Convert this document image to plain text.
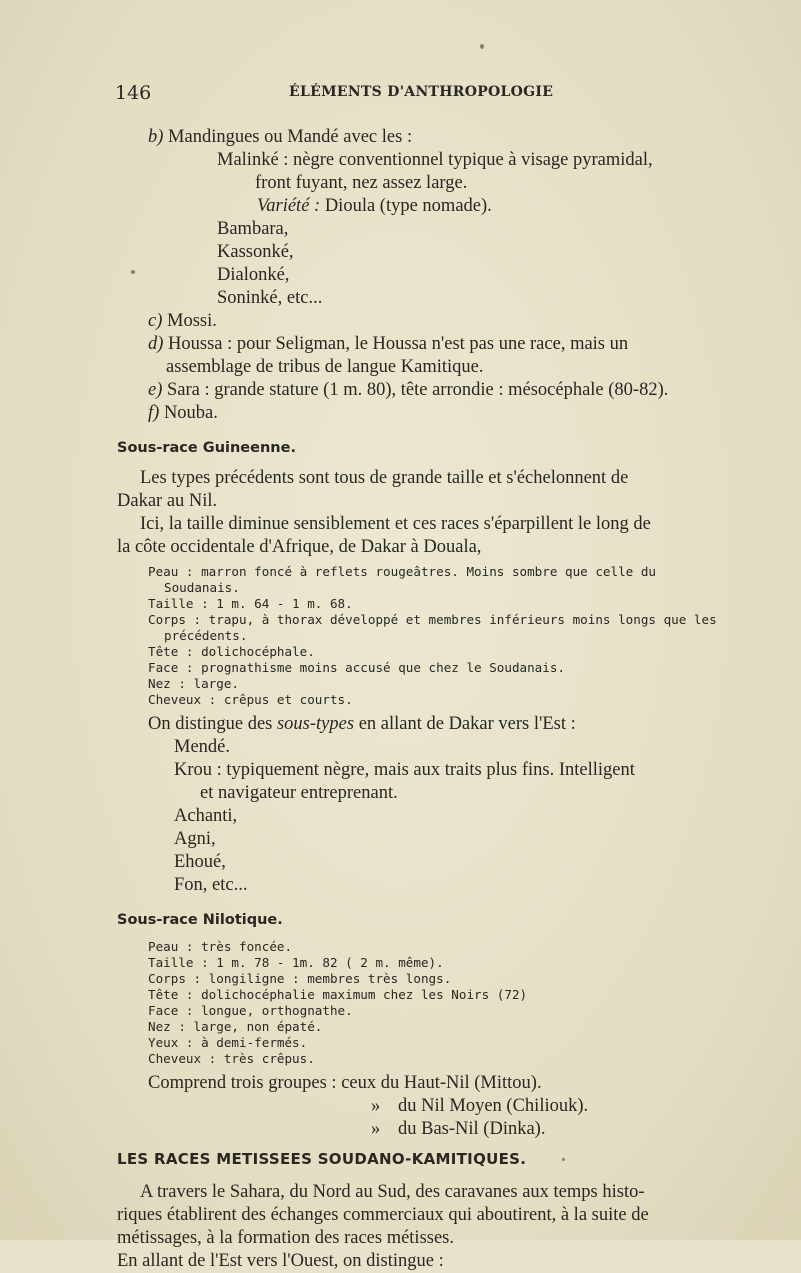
146	ÉLÉMENTS D'ANTHROPOLOGIE
b) Mandingues ou Mandé avec les :
Malinké : nègre conventionnel typique à visage pyramidal,
front fuyant, nez assez large.
Variété : Dioula (type nomade).
Bambara,
Kassonké,
Dialonké,
Soninké, etc...
c) Mossi.
d) Houssa : pour Seligman, le Houssa n'est pas une race, mais un
assemblage de tribus de langue Kamitique.
e) Sara : grande stature (1 m. 80), tête arrondie : mésocéphale (80-82).
f) Nouba.
Sous-race Guineenne.
Les types précédents sont tous de grande taille et s'échelonnent de
Dakar au Nil.
Ici, la taille diminue sensiblement et ces races s'éparpillent le long de
la côte occidentale d'Afrique, de Dakar à Douala,
Peau : marron foncé à reflets rougeâtres. Moins sombre que celle du
Soudanais.
Taille : 1 m. 64 - 1 m. 68.
Corps : trapu, à thorax développé et membres inférieurs moins longs que les
précédents.
Tête : dolichocéphale.
Face : prognathisme moins accusé que chez le Soudanais.
Nez : large.
Cheveux : crêpus et courts.
On distingue des sous-types en allant de Dakar vers l'Est :
Mendé.
Krou : typiquement nègre, mais aux traits plus fins. Intelligent
et navigateur entreprenant.
Achanti,
Agni,
Ehoué,
Fon, etc...
Sous-race Nilotique.
Peau : très foncée.
Taille : 1 m. 78 - 1m. 82 ( 2 m. même).
Corps : longiligne : membres très longs.
Tête : dolichocéphalie maximum chez les Noirs (72)
Face : longue, orthognathe.
Nez : large, non épaté.
Yeux : à demi-fermés.
Cheveux : très crêpus.
Comprend trois groupes : ceux du Haut-Nil (Mittou).
» du Nil Moyen (Chiliouk).
» du Bas-Nil (Dinka).
LES RACES METISSEES SOUDANO-KAMITIQUES.
A travers le Sahara, du Nord au Sud, des caravanes aux temps histo-
riques établirent des échanges commerciaux qui aboutirent, à la suite de
métissages, à la formation des races métisses.
En allant de l'Est vers l'Ouest, on distingue :
